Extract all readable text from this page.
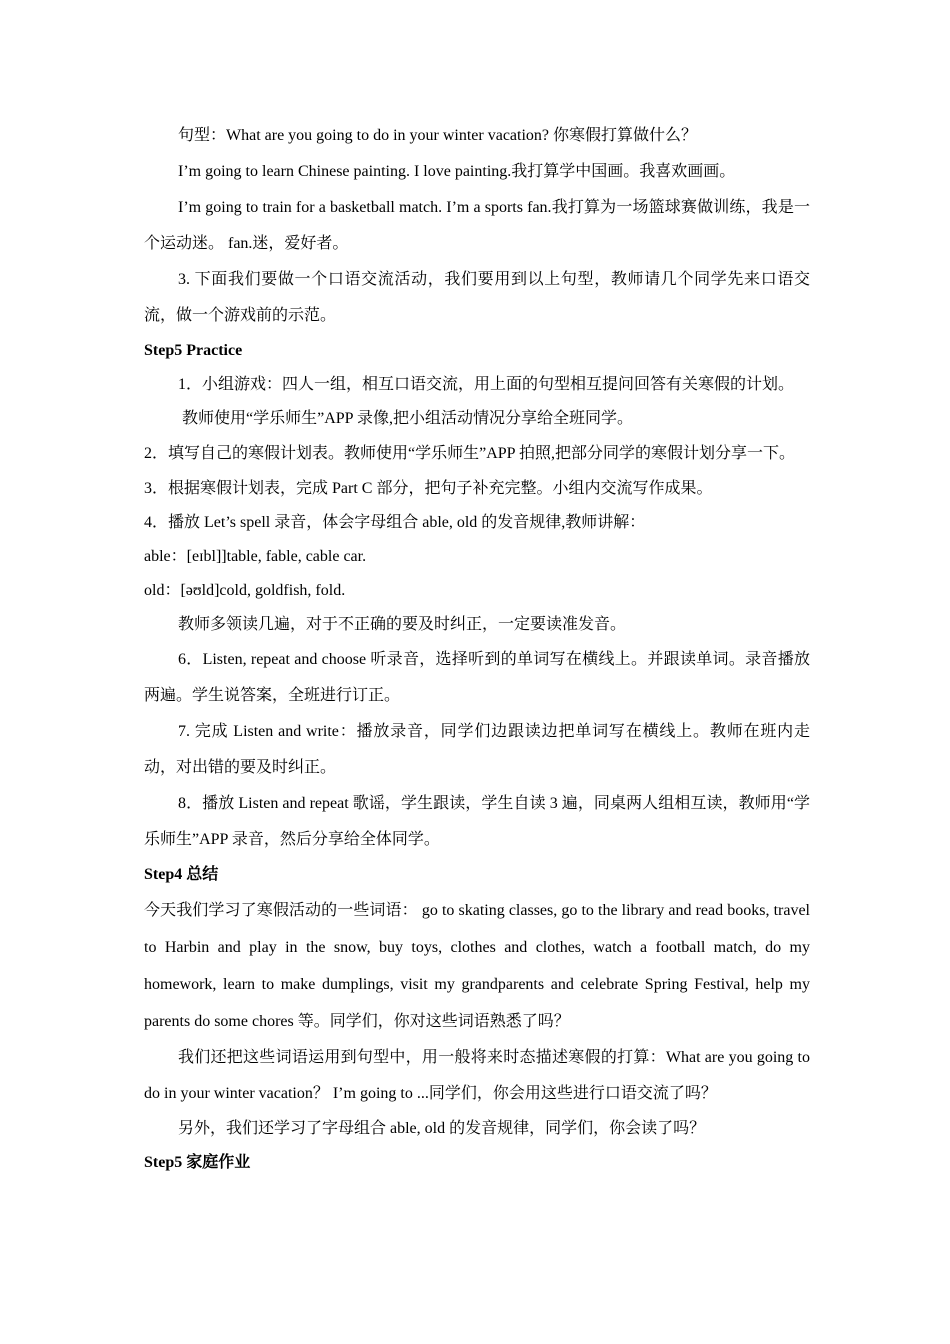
句型：What are you going to do in your winter vacation? 你寒假打算做什么？

I’m going to learn Chinese painting. I love painting.我打算学中国画。我喜欢画画。

I’m going to train for a basketball match. I’m a sports fan.我打算为一场篮球赛做训练，我是一个运动迷。 fan.迷，爱好者。

3. 下面我们要做一个口语交流活动，我们要用到以上句型，教师请几个同学先来口语交流，做一个游戏前的示范。

Step5 Practice

1．小组游戏：四人一组，相互口语交流，用上面的句型相互提问回答有关寒假的计划。

教师使用“学乐师生”APP 录像,把小组活动情况分享给全班同学。

2．填写自己的寒假计划表。教师使用“学乐师生”APP 拍照,把部分同学的寒假计划分享一下。

3．根据寒假计划表，完成 Part C 部分，把句子补充完整。小组内交流写作成果。

4．播放 Let’s spell 录音，体会字母组合 able, old 的发音规律,教师讲解：

able：[eɪbl]]table, fable, cable car.

old：[əʊld]cold, goldfish, fold.

教师多领读几遍，对于不正确的要及时纠正，一定要读准发音。

6．Listen, repeat and choose 听录音，选择听到的单词写在横线上。并跟读单词。录音播放两遍。学生说答案，全班进行订正。

7. 完成 Listen and write：播放录音，同学们边跟读边把单词写在横线上。教师在班内走动，对出错的要及时纠正。

8．播放 Listen and repeat 歌谣，学生跟读，学生自读 3 遍，同桌两人组相互读，教师用“学乐师生”APP 录音，然后分享给全体同学。

Step4 总结

今天我们学习了寒假活动的一些词语： go to skating classes, go to the library and read books, travel to Harbin and play in the snow, buy toys, clothes and clothes, watch a football match, do my homework, learn to make dumplings, visit my grandparents and celebrate Spring Festival, help my parents do some chores 等。同学们，你对这些词语熟悉了吗？

我们还把这些词语运用到句型中，用一般将来时态描述寒假的打算：What are you going to do in your winter vacation？ I’m going to ...同学们，你会用这些进行口语交流了吗？

另外，我们还学习了字母组合 able, old 的发音规律，同学们，你会读了吗？

Step5 家庭作业
